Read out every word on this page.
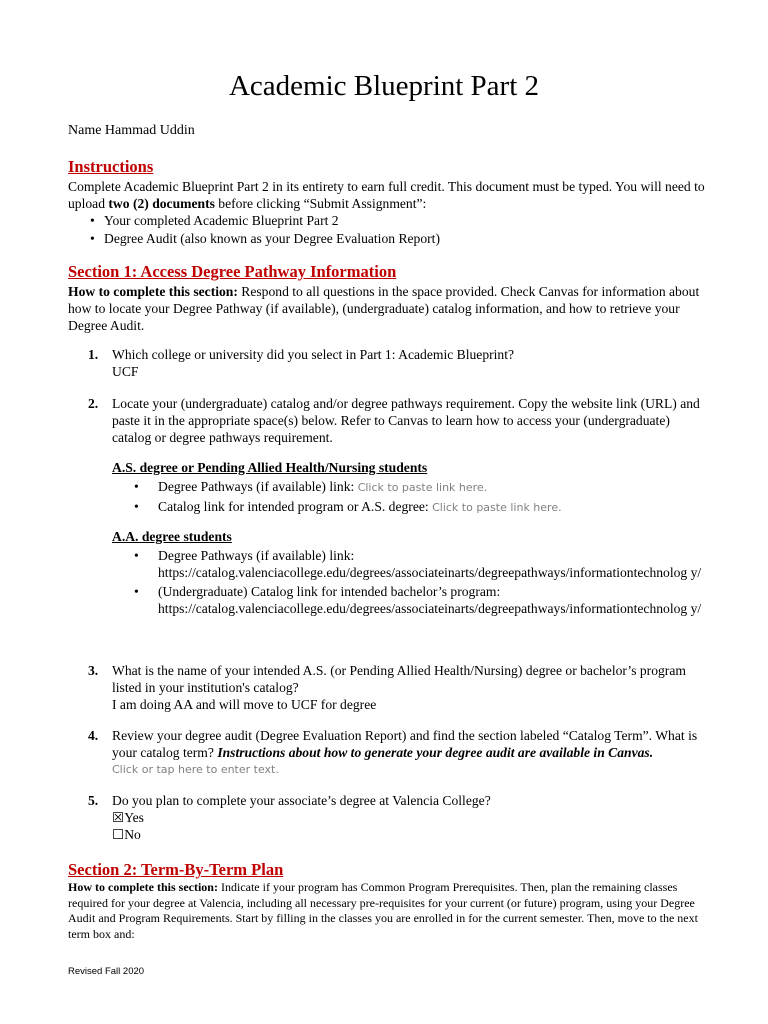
Academic Blueprint Part 2
Name Hammad Uddin
Instructions
Complete Academic Blueprint Part 2 in its entirety to earn full credit. This document must be typed. You will need to upload two (2) documents before clicking “Submit Assignment”:
• Your completed Academic Blueprint Part 2
• Degree Audit (also known as your Degree Evaluation Report)
Section 1: Access Degree Pathway Information
How to complete this section: Respond to all questions in the space provided. Check Canvas for information about how to locate your Degree Pathway (if available), (undergraduate) catalog information, and how to retrieve your Degree Audit.
1. Which college or university did you select in Part 1: Academic Blueprint?
UCF
2. Locate your (undergraduate) catalog and/or degree pathways requirement. Copy the website link (URL) and paste it in the appropriate space(s) below. Refer to Canvas to learn how to access your (undergraduate) catalog or degree pathways requirement.
A.S. degree or Pending Allied Health/Nursing students
• Degree Pathways (if available) link: Click to paste link here.
• Catalog link for intended program or A.S. degree: Click to paste link here.
A.A. degree students
• Degree Pathways (if available) link:
https://catalog.valenciacollege.edu/degrees/associateinarts/degreepathways/informationtechnolog y/
• (Undergraduate) Catalog link for intended bachelor’s program:
https://catalog.valenciacollege.edu/degrees/associateinarts/degreepathways/informationtechnolog y/
3. What is the name of your intended A.S. (or Pending Allied Health/Nursing) degree or bachelor’s program listed in your institution's catalog?
I am doing AA and will move to UCF for degree
4. Review your degree audit (Degree Evaluation Report) and find the section labeled “Catalog Term”. What is your catalog term? Instructions about how to generate your degree audit are available in Canvas.
Click or tap here to enter text.
5. Do you plan to complete your associate’s degree at Valencia College?
☒Yes
☐No
Section 2: Term-By-Term Plan
How to complete this section: Indicate if your program has Common Program Prerequisites. Then, plan the remaining classes required for your degree at Valencia, including all necessary pre-requisites for your current (or future) program, using your Degree Audit and Program Requirements. Start by filling in the classes you are enrolled in for the current semester. Then, move to the next term box and:
Revised Fall 2020
